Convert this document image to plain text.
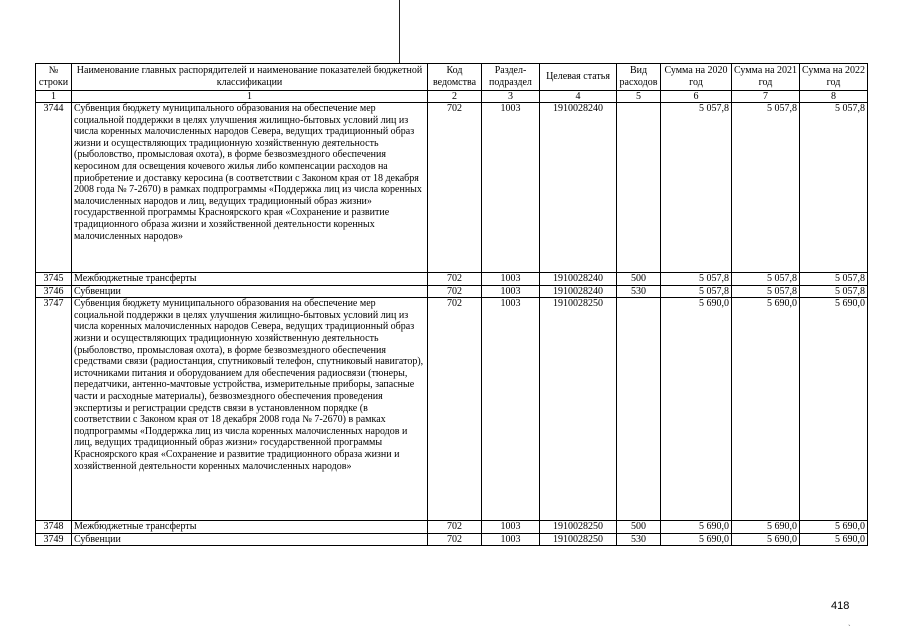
№ строки	Наименование главных распорядителей и наименование показателей бюджетной классификации	Код ведомства	Раздел-подраздел	Целевая статья	Вид расходов	Сумма на 2020 год	Сумма на 2021 год	Сумма на 2022 год
1	1	2	3	4	5	6	7	8
3744	Субвенция бюджету муниципального образования на обеспечение мер социальной поддержки в целях улучшения жилищно-бытовых условий лиц из числа коренных малочисленных народов Севера, ведущих традиционный образ жизни и осуществляющих традиционную хозяйственную деятельность (рыболовство, промысловая охота), в форме безвозмездного обеспечения керосином для освещения кочевого жилья либо компенсации расходов на приобретение и доставку керосина (в соответствии с Законом края от 18 декабря 2008 года № 7-2670) в рамках подпрограммы «Поддержка лиц из числа коренных малочисленных народов и лиц, ведущих традиционный образ жизни» государственной программы Красноярского края «Сохранение и развитие традиционного образа жизни и хозяйственной деятельности коренных малочисленных народов»	702	1003	1910028240		5 057,8	5 057,8	5 057,8
3745	Межбюджетные трансферты	702	1003	1910028240	500	5 057,8	5 057,8	5 057,8
3746	Субвенции	702	1003	1910028240	530	5 057,8	5 057,8	5 057,8
3747	Субвенция бюджету муниципального образования на обеспечение мер социальной поддержки в целях улучшения жилищно-бытовых условий лиц из числа коренных малочисленных народов Севера, ведущих традиционный образ жизни и осуществляющих традиционную хозяйственную деятельность (рыболовство, промысловая охота), в форме безвозмездного обеспечения средствами связи (радиостанция, спутниковый телефон, спутниковый навигатор), источниками питания и оборудованием для обеспечения радиосвязи (тюнеры, передатчики, антенно-мачтовые устройства, измерительные приборы, запасные части и расходные материалы), безвозмездного обеспечения проведения экспертизы и регистрации средств связи в установленном порядке (в соответствии с Законом края от 18 декабря 2008 года № 7-2670) в рамках подпрограммы «Поддержка лиц из числа коренных малочисленных народов и лиц, ведущих традиционный образ жизни» государственной программы Красноярского края «Сохранение и развитие традиционного образа жизни и хозяйственной деятельности коренных малочисленных народов»	702	1003	1910028250		5 690,0	5 690,0	5 690,0
3748	Межбюджетные трансферты	702	1003	1910028250	500	5 690,0	5 690,0	5 690,0
3749	Субвенции	702	1003	1910028250	530	5 690,0	5 690,0	5 690,0
418
`
